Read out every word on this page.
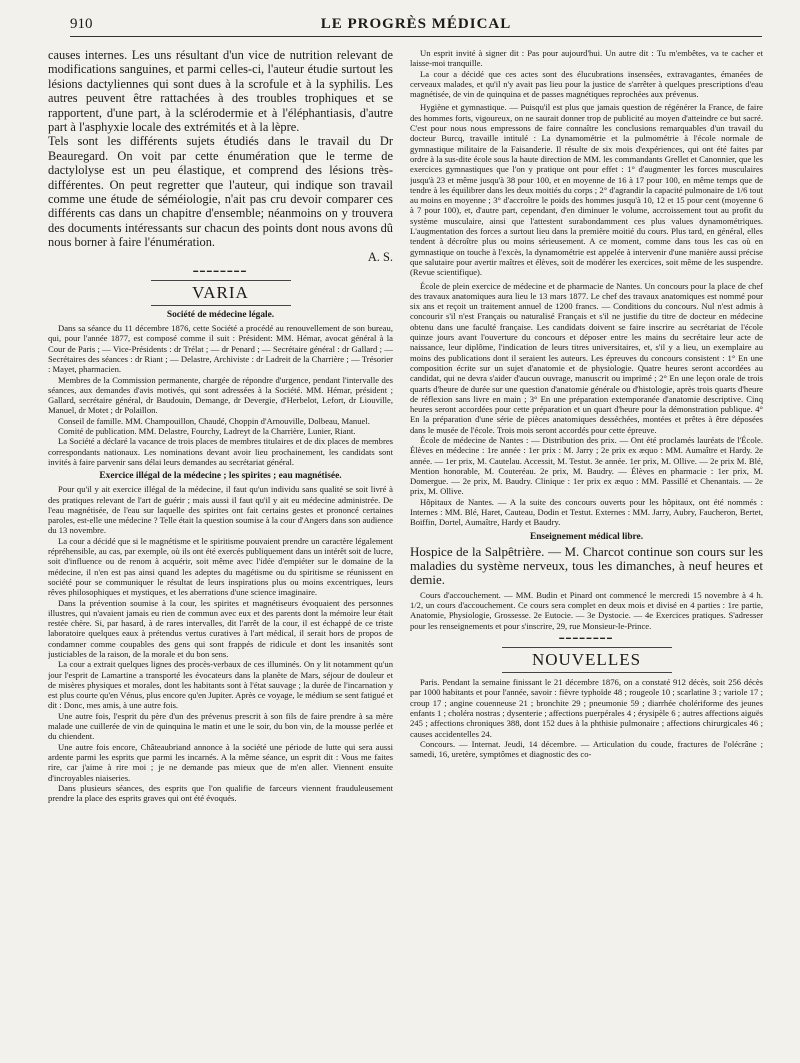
910	LE PROGRÈS MÉDICAL

causes internes. Les uns résultant d'un vice de nutrition relevant de modifications sanguines, et parmi celles-ci, l'auteur étudie surtout les lésions dactyliennes qui sont dues à la scrofule et à la syphilis. Les autres peuvent être rattachées à des troubles trophiques et se rapportent, d'une part, à la sclérodermie et à l'éléphantiasis, d'autre part à l'asphyxie locale des extrémités et à la lèpre.

Tels sont les différents sujets étudiés dans le travail du Dr Beauregard. On voit par cette énumération que le terme de dactylolyse est un peu élastique, et comprend des lésions très-différentes. On peut regretter que l'auteur, qui indique son travail comme une étude de séméiologie, n'ait pas cru devoir comparer ces différents cas dans un chapitre d'ensemble; néanmoins on y trouvera des documents intéressants sur chacun des points dont nous avons dû nous borner à faire l'énumération.

A. S.

━━━━━━━━
VARIA
Société de médecine légale.

Dans sa séance du 11 décembre 1876, cette Société a procédé au renouvellement de son bureau, qui, pour l'année 1877, est composé comme il suit : Président: MM. Hémar, avocat général à la Cour de Paris ; — Vice-Présidents : dr Trélat ; — dr Penard ; — Secrétaire général : dr Gallard ; — Secrétaires des séances : dr Riant ; — Delastre, Archiviste : dr Ladreit de la Charrière ; — Trésorier : Mayet, pharmacien.

Membres de la Commission permanente, chargée de répondre d'urgence, pendant l'intervalle des séances, aux demandes d'avis motivés, qui sont adressées à la Société. MM. Hémar, président ; Gallard, secrétaire général, dr Baudouin, Demange, dr Devergie, d'Herbelot, Lefort, dr Liouville, Manuel, dr Motet ; dr Polaillon.

Conseil de famille. MM. Champouillon, Chaudé, Choppin d'Arnouville, Dolbeau, Manuel.

Comité de publication. MM. Delastre, Fourchy, Ladreyt de la Charrière, Lunier, Riant.

La Société a déclaré la vacance de trois places de membres titulaires et de dix places de membres correspondants nationaux. Les nominations devant avoir lieu prochainement, les candidats sont invités à faire parvenir sans délai leurs demandes au secrétariat général.

Exercice illégal de la médecine ; les spirites ; eau magnétisée.

Pour qu'il y ait exercice illégal de la médecine, il faut qu'un individu sans qualité se soit livré à des pratiques relevant de l'art de guérir ; mais aussi il faut qu'il y ait eu médecine administrée. De l'eau magnétisée, de l'eau sur laquelle des spirites ont fait certains gestes et prononcé certaines paroles, est-elle une médecine ? Telle était la question soumise à la cour d'Angers dans son audience du 13 novembre.

La cour a décidé que si le magnétisme et le spiritisme pouvaient prendre un caractère légalement répréhensible, au cas, par exemple, où ils ont été exercés publiquement dans un intérêt soit de lucre, soit d'influence ou de renom à acquérir, soit même avec l'idée d'empiéter sur le domaine de la médecine, il n'en est pas ainsi quand les adeptes du magétisme ou du spiritisme se réunissent en société pour se communiquer le résultat de leurs inspirations plus ou moins excentriques, leurs rêves philosophiques et mystiques, et les aberrations d'une science imaginaire.

Dans la prévention soumise à la cour, les spirites et magnétiseurs évoquaient des personnes illustres, qui n'avaient jamais eu rien de commun avec eux et des parents dont la mémoire leur était restée chère. Si, par hasard, à de rares intervalles, dit l'arrêt de la cour, il est échappé de ce triste laboratoire quelques eaux à prétendus vertus curatives à l'art médical, il serait hors de propos de condamner comme coupables des gens qui sont frappés de ridicule et dont les insanités sont justiciables de la raison, de la morale et du bon sens.

La cour a extrait quelques lignes des procès-verbaux de ces illuminés. On y lit notamment qu'un jour l'esprit de Lamartine a transporté les évocateurs dans la planète de Mars, séjour de douleur et de misères physiques et morales, dont les habitants sont à l'état sauvage ; la durée de l'incarnation y est plus courte qu'en Vénus, plus encore qu'en Jupiter. Après ce voyage, le médium se sent fatigué et dit : Donc, mes amis, à une autre fois.

Une autre fois, l'esprit du père d'un des prévenus prescrit à son fils de faire prendre à sa mère malade une cuillerée de vin de quinquina le matin et une le soir, du bon vin, de la mousse perlée et du chiendent.

Une autre fois encore, Châteaubriand annonce à la société une période de lutte qui sera aussi ardente parmi les esprits que parmi les incarnés. A la même séance, un esprit dit : Vous me faites rire, car j'aime à rire moi ; je ne demande pas mieux que de m'en aller. Viennent ensuite d'incroyables niaiseries.

Dans plusieurs séances, des esprits que l'on qualifie de farceurs viennent frauduleusement prendre la place des esprits graves qui ont été évoqués.

Un esprit invité à signer dit : Pas pour aujourd'hui. Un autre dit : Tu m'embêtes, va te cacher et laisse-moi tranquille.

La cour a décidé que ces actes sont des élucubrations insensées, extravagantes, émanées de cerveaux malades, et qu'il n'y avait pas lieu pour la justice de s'arrêter à quelques prescriptions d'eau magnétisée, de vin de quinquina et de passes magnétiques reprochées aux prévenus.

Hygiène et gymnastique. — Puisqu'il est plus que jamais question de régénérer la France, de faire des hommes forts, vigoureux, on ne saurait donner trop de publicité au moyen d'atteindre ce but sacré. C'est pour nous nous empressons de faire connaître les conclusions remarquables d'un travail du docteur Burcq, travaille intitulé : La dynamométrie et la pulmométrie à l'école normale de gymnastique militaire de la Faisanderie. Il résulte de six mois d'expériences, qui ont été faites par ordre à la sus-dite école sous la haute direction de MM. les commandants Grellet et Canonnier, que les exercices gymnastiques que l'on y pratique ont pour effet : 1° d'augmenter les forces musculaires jusqu'à 23 et même jusqu'à 38 pour 100, et en moyenne de 16 à 17 pour 100, en même temps que de tendre à les équilibrer dans les deux moitiés du corps ; 2° d'agrandir la capacité pulmonaire de 1/6 tout au moins en moyenne ; 3° d'accroître le poids des hommes jusqu'à 10, 12 et 15 pour cent (moyenne 6 à 7 pour 100), et, d'autre part, cependant, d'en diminuer le volume, accroissement tout au profit du système musculaire, ainsi que l'attestent surabondamment ces plus values dynamométriques. L'augmentation des forces a surtout lieu dans la première moitié du cours. Plus tard, en général, elles tendent à décroître plus ou moins sérieusement. A ce moment, comme dans tous les cas où en gymnastique on touche à l'excès, la dynamométrie est appelée à intervenir d'une manière aussi précise que salutaire pour avertir maîtres et élèves, soit de modérer les exercices, soit même de les suspendre. (Revue scientifique).

École de plein exercice de médecine et de pharmacie de Nantes. Un concours pour la place de chef des travaux anatomiques aura lieu le 13 mars 1877. Le chef des travaux anatomiques est nommé pour six ans et reçoit un traitement annuel de 1200 francs. — Conditions du concours. Nul n'est admis à concourir s'il n'est Français ou naturalisé Français et s'il ne justifie du titre de docteur en médecine obtenu dans une faculté française. Les candidats doivent se faire inscrire au secrétariat de l'école quinze jours avant l'ouverture du concours et déposer entre les mains du secrétaire leur acte de naissance, leur diplôme, l'indication de leurs titres universitaires, et, s'il y a lieu, un exemplaire au moins des publications dont il seraient les auteurs. Les épreuves du concours consistent : 1° En une composition écrite sur un sujet d'anatomie et de physiologie. Quatre heures seront accordées au candidat, qui ne devra s'aider d'aucun ouvrage, manuscrit ou imprimé ; 2° En une leçon orale de trois quarts d'heure de durée sur une question d'anatomie générale ou d'histologie, après trois quarts d'heure de réflexion sans livre en main ; 3° En une préparation extemporanée d'anatomie descriptive. Cinq heures seront accordées pour cette préparation et un quart d'heure pour la démonstration publique. 4° En la préparation d'une série de pièces anatomiques desséchées, montées et prêtes à être déposées dans le musée de l'école. Trois mois seront accordés pour cette épreuve.

École de médecine de Nantes : — Distribution des prix. — Ont été proclamés lauréats de l'École. Élèves en médecine : 1re année : 1er prix : M. Jarry ; 2e prix ex æquo : MM. Aumaître et Hardy. 2e année. — 1er prix, M. Cautelau. Accessit, M. Testut. 3e année. 1er prix, M. Ollive. — 2e prix M. Blé, Mention honorable, M. Couteréau. 2e prix, M. Baudry. — Élèves en pharmacie : 1er prix, M. Domergue. — 2e prix, M. Baudry. Clinique : 1er prix ex æquo : MM. Passillé et Chenantais. — 2e prix, M. Ollive.

Hôpitaux de Nantes. — A la suite des concours ouverts pour les hôpitaux, ont été nommés : Internes : MM. Blé, Haret, Cauteau, Dodin et Testut. Externes : MM. Jarry, Aubry, Faucheron, Bertet, Boiffin, Dortel, Aumaître, Hardy et Baudry.

Enseignement médical libre.

Hospice de la Salpêtrière. — M. Charcot continue son cours sur les maladies du système nerveux, tous les dimanches, à neuf heures et demie.

Cours d'accouchement. — MM. Budin et Pinard ont commencé le mercredi 15 novembre à 4 h. 1/2, un cours d'accouchement. Ce cours sera complet en deux mois et divisé en 4 parties : 1re partie, Anatomie, Physiologie, Grossesse. 2e Eutocie. — 3e Dystocie. — 4e Exercices pratiques. S'adresser pour les renseignements et pour s'inscrire, 29, rue Monsieur-le-Prince.

━━━━━━━━
NOUVELLES

Paris. Pendant la semaine finissant le 21 décembre 1876, on a constaté 912 décès, soit 256 décès par 1000 habitants et pour l'année, savoir : fièvre typhoïde 48 ; rougeole 10 ; scarlatine 3 ; variole 17 ; croup 17 ; angine couenneuse 21 ; bronchite 29 ; pneumonie 59 ; diarrhée cholériforme des jeunes enfants 1 ; choléra nostras ; dysenterie ; affections puerpérales 4 ; érysipèle 6 ; autres affections aiguës 245 ; affections chroniques 388, dont 152 dues à la phthisie pulmonaire ; affections chirurgicales 46 ; causes accidentelles 24.

Concours. — Internat. Jeudi, 14 décembre. — Articulation du coude, fractures de l'olécrâne ; samedi, 16, uretère, symptômes et diagnostic des co-
